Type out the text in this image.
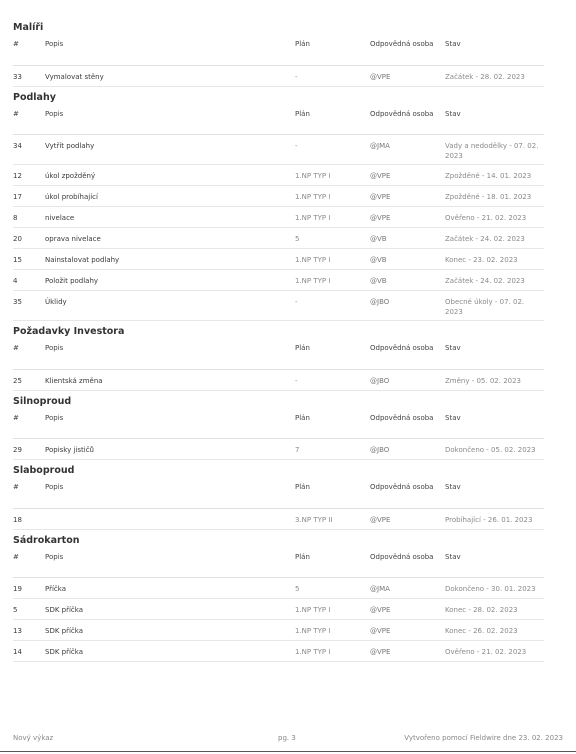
Malíři
#	Popis	Plán	Odpovědná osoba	Stav
33	Vymalovat stěny	-	@VPE	Začátek - 28. 02. 2023
Podlahy
#	Popis	Plán	Odpovědná osoba	Stav
34	Vytřít podlahy	-	@JMA	Vady a nedodělky - 07. 02. 2023
12	úkol zpožděný	1.NP TYP I	@VPE	Zpožděné - 14. 01. 2023
17	úkol probíhající	1.NP TYP I	@VPE	Zpožděné - 18. 01. 2023
8	nivelace	1.NP TYP I	@VPE	Ověřeno - 21. 02. 2023
20	oprava nivelace	5	@VB	Začátek - 24. 02. 2023
15	Nainstalovat podlahy	1.NP TYP I	@VB	Konec - 23. 02. 2023
4	Položit podlahy	1.NP TYP I	@VB	Začátek - 24. 02. 2023
35	Úklidy	-	@JBO	Obecné úkoly - 07. 02. 2023
Požadavky Investora
#	Popis	Plán	Odpovědná osoba	Stav
25	Klientská změna	-	@JBO	Změny - 05. 02. 2023
Silnoproud
#	Popis	Plán	Odpovědná osoba	Stav
29	Popisky jističů	7	@JBO	Dokončeno - 05. 02. 2023
Slaboproud
#	Popis	Plán	Odpovědná osoba	Stav
18		3.NP TYP II	@VPE	Probíhající - 26. 01. 2023
Sádrokarton
#	Popis	Plán	Odpovědná osoba	Stav
19	Příčka	5	@JMA	Dokončeno - 30. 01. 2023
5	SDK příčka	1.NP TYP I	@VPE	Konec - 28. 02. 2023
13	SDK příčka	1.NP TYP I	@VPE	Konec - 26. 02. 2023
14	SDK příčka	1.NP TYP I	@VPE	Ověřeno - 21. 02. 2023
Nový výkaz	pg. 3	Vytvořeno pomocí Fieldwire dne 23. 02. 2023
